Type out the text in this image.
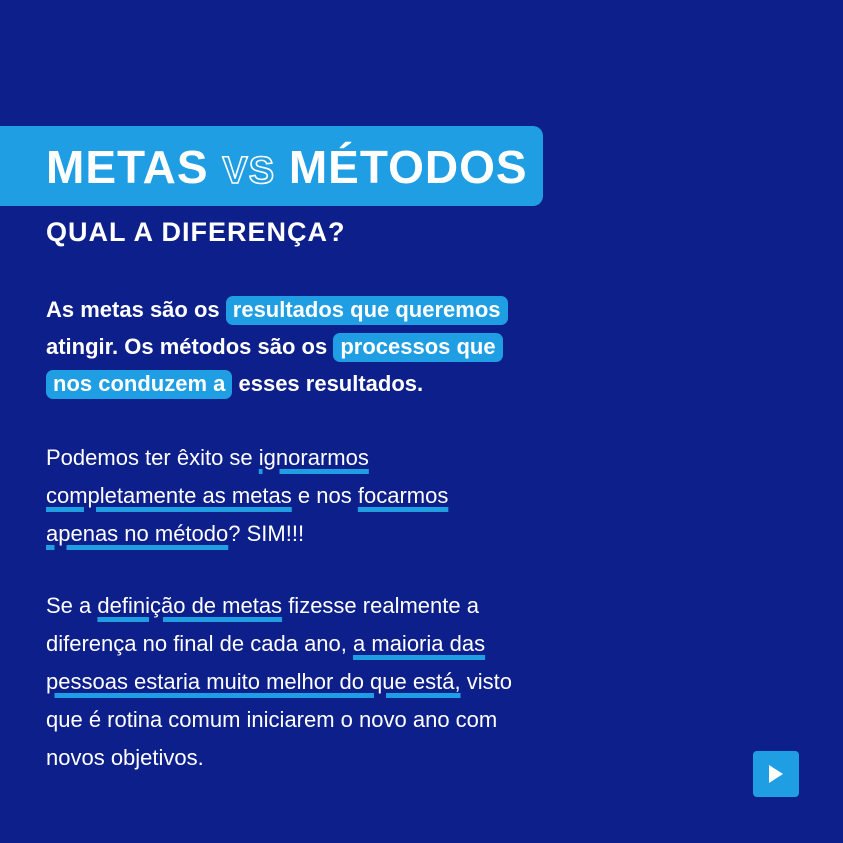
METAS VS MÉTODOS
QUAL A DIFERENÇA?

As metas são os resultados que queremos
atingir. Os métodos são os processos que
nos conduzem a esses resultados.

Podemos ter êxito se ignorarmos
completamente as metas e nos focarmos
apenas no método? SIM!!!

Se a definição de metas fizesse realmente a
diferença no final de cada ano, a maioria das
pessoas estaria muito melhor do que está, visto
que é rotina comum iniciarem o novo ano com
novos objetivos.
